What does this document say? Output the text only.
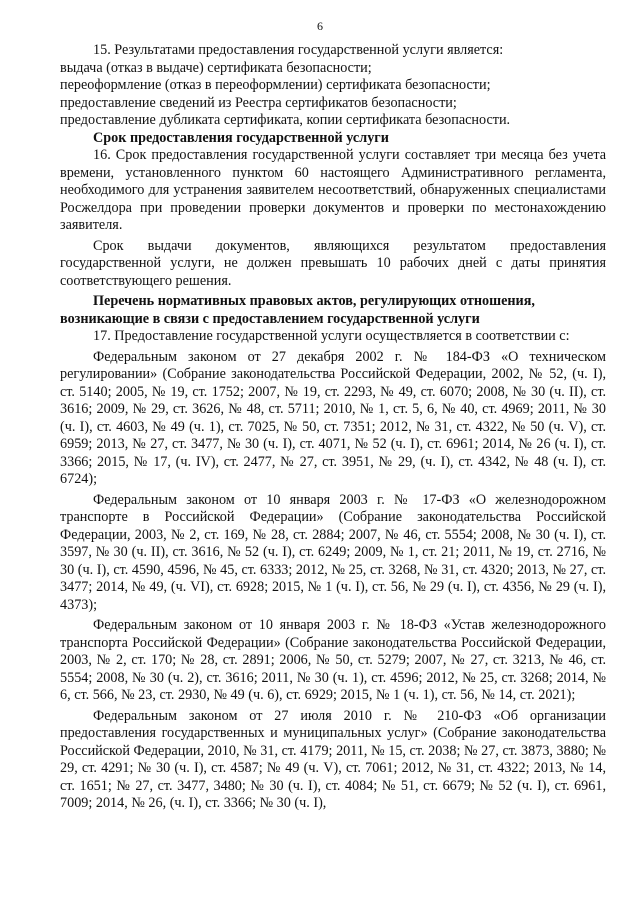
6

15. Результатами предоставления государственной услуги является:

выдача (отказ в выдаче) сертификата безопасности;

переоформление (отказ в переоформлении) сертификата безопасности;

предоставление сведений из Реестра сертификатов безопасности;

предоставление дубликата сертификата, копии сертификата безопасности.

Срок предоставления государственной услуги

16. Срок предоставления государственной услуги составляет три месяца без учета времени, установленного пунктом 60 настоящего Административного регламента, необходимого для устранения заявителем несоответствий, обнаруженных специалистами Росжелдора при проведении проверки документов и проверки по местонахождению заявителя.

Срок выдачи документов, являющихся результатом предоставления государственной услуги, не должен превышать 10 рабочих дней с даты принятия соответствующего решения.

Перечень нормативных правовых актов, регулирующих отношения,

возникающие в связи с предоставлением государственной услуги

17. Предоставление государственной услуги осуществляется в соответствии с:

Федеральным законом от 27 декабря 2002 г. № 184-ФЗ «О техническом регулировании» (Собрание законодательства Российской Федерации, 2002, № 52, (ч. I), ст. 5140; 2005, № 19, ст. 1752; 2007, № 19, ст. 2293, № 49, ст. 6070; 2008, № 30 (ч. II), ст. 3616; 2009, № 29, ст. 3626, № 48, ст. 5711; 2010, № 1, ст. 5, 6, № 40, ст. 4969; 2011, № 30 (ч. I), ст. 4603, № 49 (ч. 1), ст. 7025, № 50, ст. 7351; 2012, № 31, ст. 4322, № 50 (ч. V), ст. 6959; 2013, № 27, ст. 3477, № 30 (ч. I), ст. 4071, № 52 (ч. I), ст. 6961; 2014, № 26 (ч. I), ст. 3366; 2015, № 17, (ч. IV), ст. 2477, № 27, ст. 3951, № 29, (ч. I), ст. 4342, № 48 (ч. I), ст. 6724);

Федеральным законом от 10 января 2003 г. № 17-ФЗ «О железнодорожном транспорте в Российской Федерации» (Собрание законодательства Российской Федерации, 2003, № 2, ст. 169, № 28, ст. 2884; 2007, № 46, ст. 5554; 2008, № 30 (ч. I), ст. 3597, № 30 (ч. II), ст. 3616, № 52 (ч. I), ст. 6249; 2009, № 1, ст. 21; 2011, № 19, ст. 2716, № 30 (ч. I), ст. 4590, 4596, № 45, ст. 6333; 2012, № 25, ст. 3268, № 31, ст. 4320; 2013, № 27, ст. 3477; 2014, № 49, (ч. VI), ст. 6928; 2015, № 1 (ч. I), ст. 56, № 29 (ч. I), ст. 4356, № 29 (ч. I), 4373);

Федеральным законом от 10 января 2003 г. № 18-ФЗ «Устав железнодорожного транспорта Российской Федерации» (Собрание законодательства Российской Федерации, 2003, № 2, ст. 170; № 28, ст. 2891; 2006, № 50, ст. 5279; 2007, № 27, ст. 3213, № 46, ст. 5554; 2008, № 30 (ч. 2), ст. 3616; 2011, № 30 (ч. 1), ст. 4596; 2012, № 25, ст. 3268; 2014, № 6, ст. 566, № 23, ст. 2930, № 49 (ч. 6), ст. 6929; 2015, № 1 (ч. 1), ст. 56, № 14, ст. 2021);

Федеральным законом от 27 июля 2010 г. № 210-ФЗ «Об организации предоставления государственных и муниципальных услуг» (Собрание законодательства Российской Федерации, 2010, № 31, ст. 4179; 2011, № 15, ст. 2038; № 27, ст. 3873, 3880; № 29, ст. 4291; № 30 (ч. I), ст. 4587; № 49 (ч. V), ст. 7061; 2012, № 31, ст. 4322; 2013, № 14, ст. 1651; № 27, ст. 3477, 3480; № 30 (ч. I), ст. 4084; № 51, ст. 6679; № 52 (ч. I), ст. 6961, 7009; 2014, № 26, (ч. I), ст. 3366; № 30 (ч. I),
